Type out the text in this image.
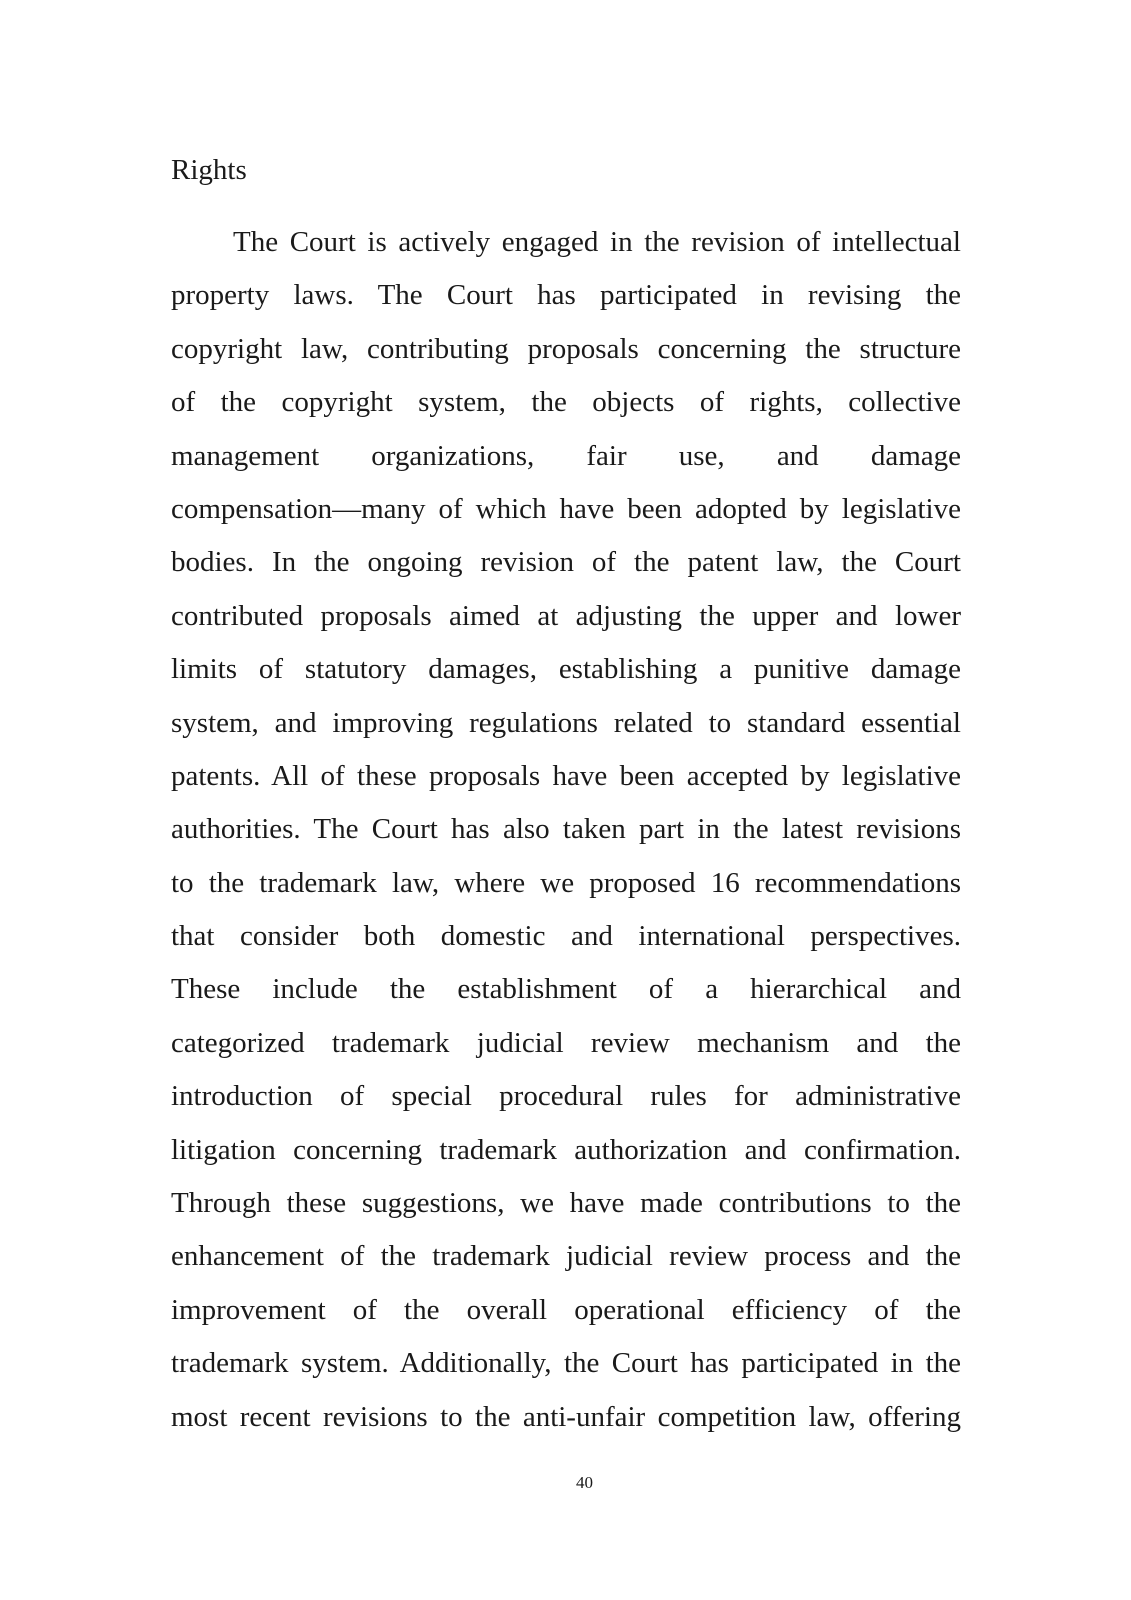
Rights
The Court is actively engaged in the revision of intellectual
property laws. The Court has participated in revising the
copyright law, contributing proposals concerning the structure
of the copyright system, the objects of rights, collective
management organizations, fair use, and damage
compensation—many of which have been adopted by legislative
bodies. In the ongoing revision of the patent law, the Court
contributed proposals aimed at adjusting the upper and lower
limits of statutory damages, establishing a punitive damage
system, and improving regulations related to standard essential
patents. All of these proposals have been accepted by legislative
authorities. The Court has also taken part in the latest revisions
to the trademark law, where we proposed 16 recommendations
that consider both domestic and international perspectives.
These include the establishment of a hierarchical and
categorized trademark judicial review mechanism and the
introduction of special procedural rules for administrative
litigation concerning trademark authorization and confirmation.
Through these suggestions, we have made contributions to the
enhancement of the trademark judicial review process and the
improvement of the overall operational efficiency of the
trademark system. Additionally, the Court has participated in the
most recent revisions to the anti-unfair competition law, offering
40
